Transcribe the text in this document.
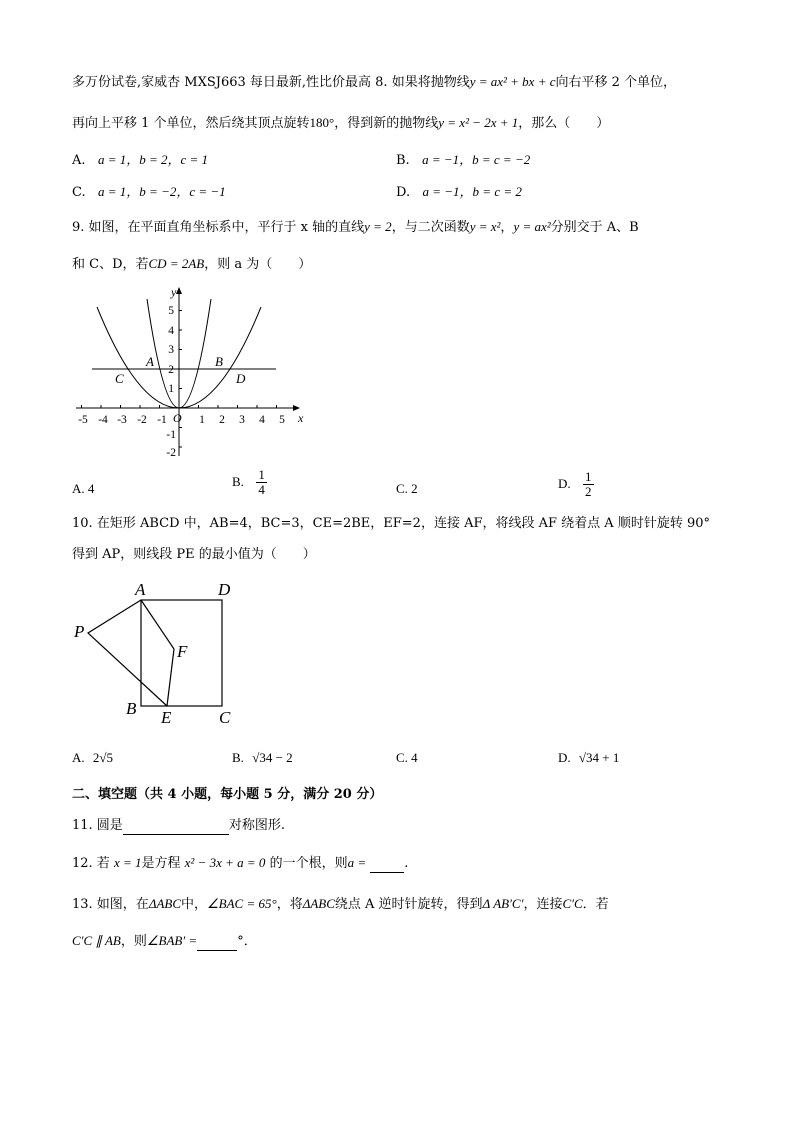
多万份试卷,家威杏 MXSJ663 每日最新,性比价最高 8. 如果将抛物线y = ax² + bx + c向右平移 2 个单位，
再向上平移 1 个单位，然后绕其顶点旋转180°，得到新的抛物线y = x² − 2x + 1，那么（　　）
A. a = 1，b = 2，c = 1	B. a = −1，b = c = −2
C. a = 1，b = −2，c = −1	D. a = −1，b = c = 2
9. 如图，在平面直角坐标系中，平行于 x 轴的直线y = 2，与二次函数y = x²，y = ax²分别交于 A、B
和 C、D，若CD = 2AB，则 a 为（　　）
-5 -4 -3 -2 -1	1 2 3 4 5
5
4
3
2
1
-1
-2
x
y
O
A	B
C	D
A. 4	B. $\frac{1}{4}$	C. 2	D. $\frac{1}{2}$
10. 在矩形 ABCD 中，AB=4，BC=3，CE=2BE，EF=2，连接 AF，将线段 AF 绕着点 A 顺时针旋转 90°
得到 AP，则线段 PE 的最小值为（　　）
A	D
P
F
B E	C
A. 2√5	B. √34 − 2	C. 4	D. √34 + 1
二、填空题（共 4 小题，每小题 5 分，满分 20 分）
11. 圆是	对称图形.
12. 若 x = 1是方程 x² − 3x + a = 0 的一个根，则a =	.
13. 如图，在ΔABC中，∠BAC = 65°，将ΔABC绕点 A 逆时针旋转，得到Δ AB′C′，连接C′C．若
C′C ∥ AB，则∠BAB′ =	°．
